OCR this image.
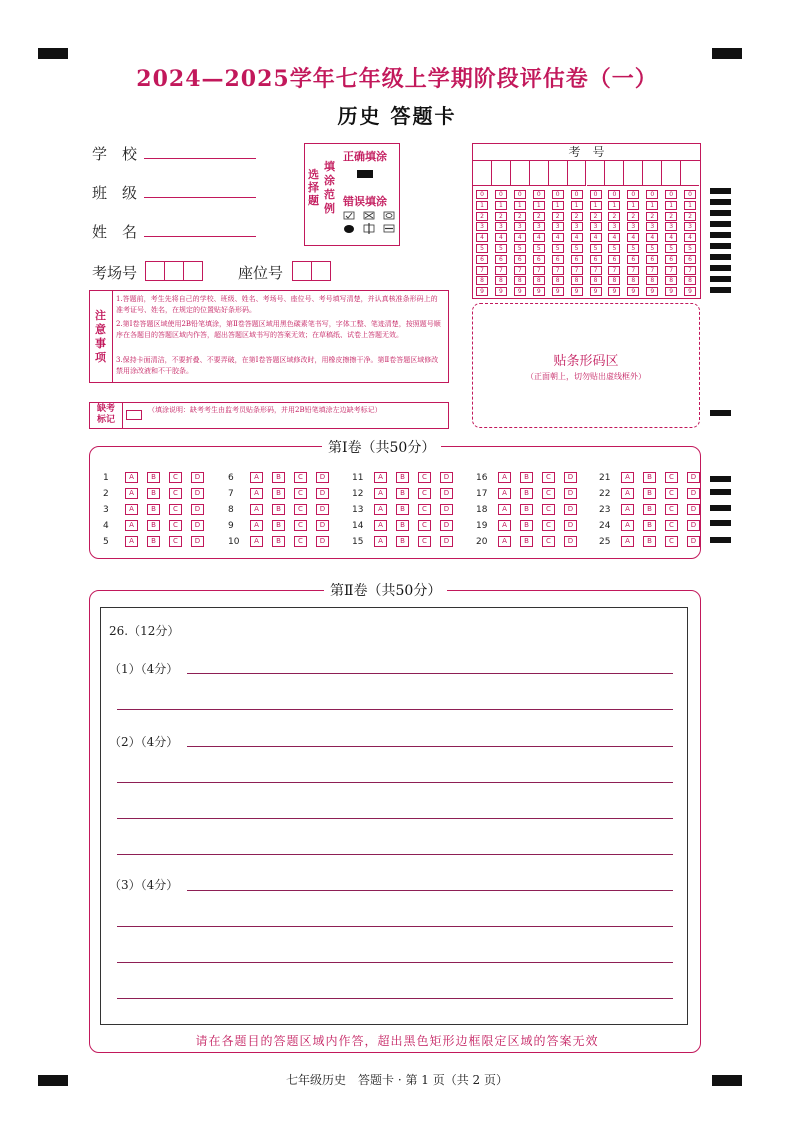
2024—2025学年七年级上学期阶段评估卷（一）
历史 答题卡
学　校
班　级
姓　名
考场号	座位号
选择题
填涂范例
正确填涂
错误填涂
考　号
0	0	0	0	0	0	0	0	0	0	0	0
1	1	1	1	1	1	1	1	1	1	1	1
2	2	2	2	2	2	2	2	2	2	2	2
3	3	3	3	3	3	3	3	3	3	3	3
4	4	4	4	4	4	4	4	4	4	4	4
5	5	5	5	5	5	5	5	5	5	5	5
6	6	6	6	6	6	6	6	6	6	6	6
7	7	7	7	7	7	7	7	7	7	7	7
8	8	8	8	8	8	8	8	8	8	8	8
9	9	9	9	9	9	9	9	9	9	9	9
注意事项
1.答题前，考生先将自己的学校、班级、姓名、考场号、座位号、考号填写清楚，并认真核准条形码上的准考证号、姓名，在规定的位置贴好条形码。
2.第Ⅰ卷答题区域使用2B铅笔填涂，第Ⅱ卷答题区域用黑色碳素笔书写，字体工整、笔迹清楚，按照题号顺序在各题目的答题区域内作答，超出答题区域书写的答案无效；在草稿纸、试卷上答题无效。
3.保持卡面清洁，不要折叠、不要弄破，在第Ⅰ卷答题区域修改时，用橡皮擦擦干净。第Ⅱ卷答题区域修改禁用涂改液和不干胶条。
贴条形码区
（正面朝上，切勿贴出虚线框外）
缺考标记
（填涂说明：缺考考生由监考员贴条形码，并用2B铅笔填涂左边缺考标记）
第Ⅰ卷（共50分）
1	A B C D
2	A B C D
3	A B C D
4	A B C D
5	A B C D
6	A B C D
7	A B C D
8	A B C D
9	A B C D
10 A B C D
11 A B C D
12 A B C D
13 A B C D
14 A B C D
15 A B C D
16 A B C D
17 A B C D
18 A B C D
19 A B C D
20 A B C D
21 A B C D
22 A B C D
23 A B C D
24 A B C D
25 A B C D
第Ⅱ卷（共50分）
26.（12分）
（1）（4分）
（2）（4分）
（3）（4分）
请在各题目的答题区域内作答，超出黑色矩形边框限定区域的答案无效
七年级历史　答题卡 · 第 1 页（共 2 页）
